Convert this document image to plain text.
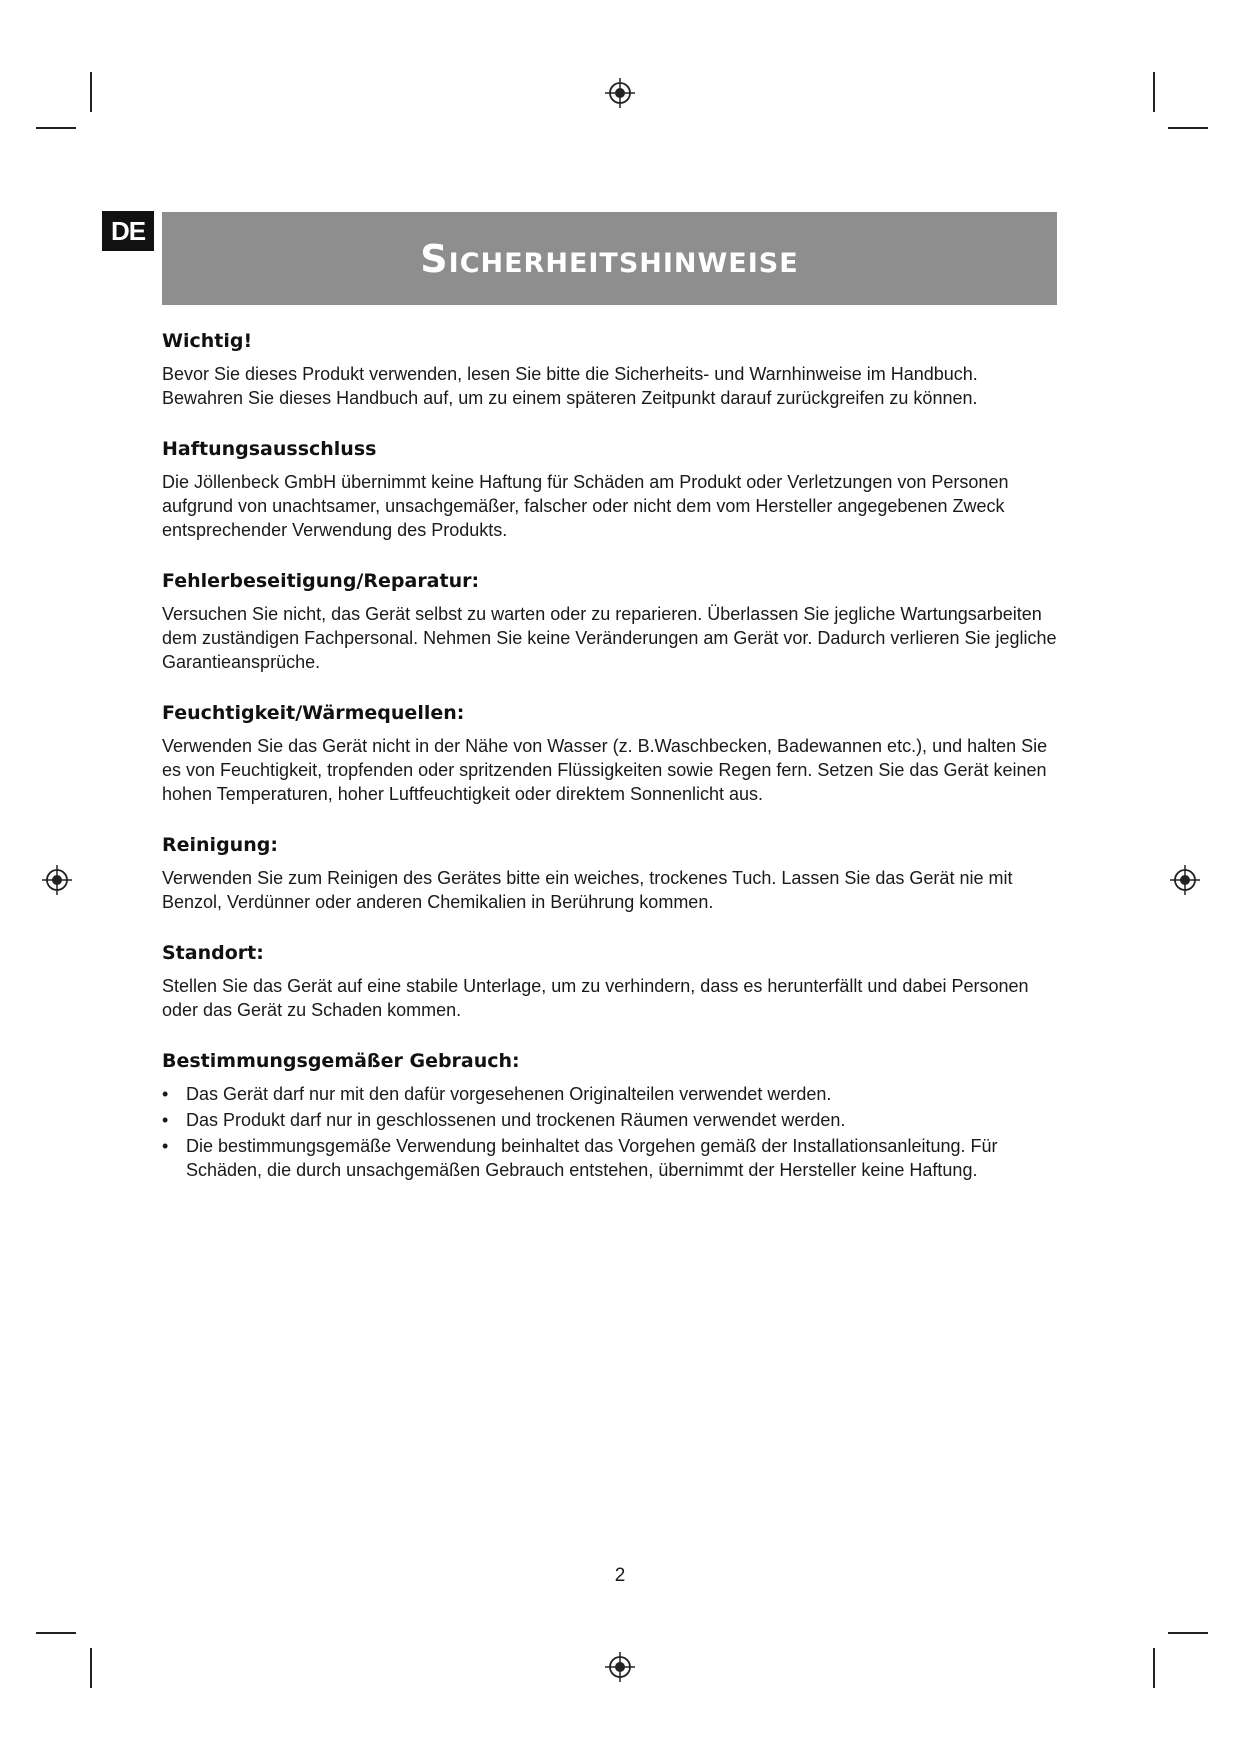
DE
Sicherheitshinweise
Wichtig!

Bevor Sie dieses Produkt verwenden, lesen Sie bitte die Sicherheits- und Warnhinweise im Handbuch. Bewahren Sie dieses Handbuch auf, um zu einem späteren Zeitpunkt darauf zurückgreifen zu können.

Haftungsausschluss

Die Jöllenbeck GmbH übernimmt keine Haftung für Schäden am Produkt oder Verletzungen von Personen aufgrund von unachtsamer, unsachgemäßer, falscher oder nicht dem vom Hersteller angegebenen Zweck entsprechender Verwendung des Produkts.

Fehlerbeseitigung/Reparatur:

Versuchen Sie nicht, das Gerät selbst zu warten oder zu reparieren. Überlassen Sie jegliche Wartungsarbeiten dem zuständigen Fachpersonal. Nehmen Sie keine Veränderungen am Gerät vor. Dadurch verlieren Sie jegliche Garantieansprüche.

Feuchtigkeit/Wärmequellen:

Verwenden Sie das Gerät nicht in der Nähe von Wasser (z. B.Waschbecken, Badewannen etc.), und halten Sie es von Feuchtigkeit, tropfenden oder spritzenden Flüssigkeiten sowie Regen fern. Setzen Sie das Gerät keinen hohen Temperaturen, hoher Luftfeuchtigkeit oder direktem Sonnenlicht aus.

Reinigung:

Verwenden Sie zum Reinigen des Gerätes bitte ein weiches, trockenes Tuch. Lassen Sie das Gerät nie mit Benzol, Verdünner oder anderen Chemikalien in Berührung kommen.

Standort:

Stellen Sie das Gerät auf eine stabile Unterlage, um zu verhindern, dass es herunterfällt und dabei Personen oder das Gerät zu Schaden kommen.

Bestimmungsgemäßer Gebrauch:
• Das Gerät darf nur mit den dafür vorgesehenen Originalteilen verwendet werden.
• Das Produkt darf nur in geschlossenen und trockenen Räumen verwendet werden.
• Die bestimmungsgemäße Verwendung beinhaltet das Vorgehen gemäß der Installationsanleitung. Für Schäden, die durch unsachgemäßen Gebrauch entstehen, übernimmt der Hersteller keine Haftung.
2
